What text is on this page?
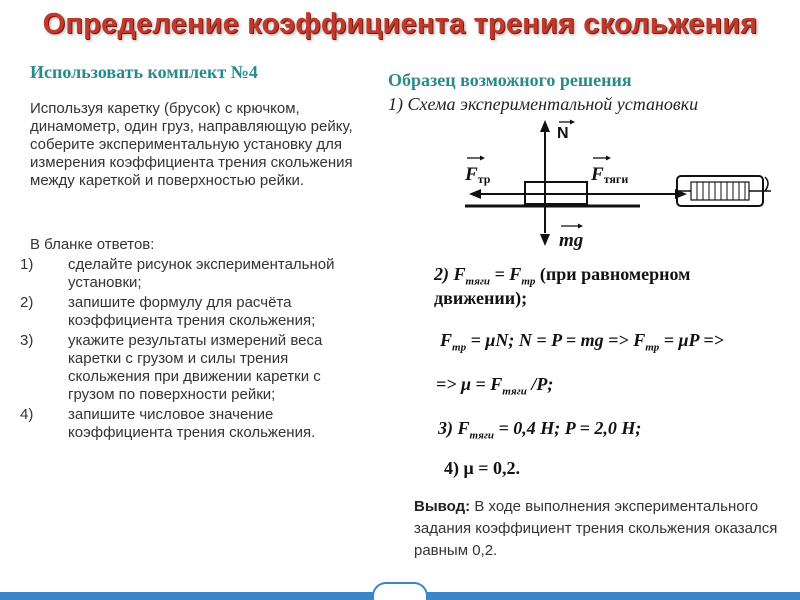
Определение коэффициента трения скольжения
Использовать комплект №4
Используя каретку (брусок) с крючком, динамометр, один груз, направляющую рейку, соберите экспериментальную установку для измерения коэффициента трения скольжения между кареткой и поверхностью рейки.
В бланке ответов:
1) сделайте рисунок экспериментальной установки;
2) запишите формулу для расчёта коэффициента трения скольжения;
3) укажите результаты измерений веса каретки с грузом и силы трения скольжения при движении каретки с грузом по поверхности рейки;
4) запишите числовое значение коэффициента трения скольжения.
Образец возможного решения
1) Схема экспериментальной установки
N
Fтр	Fтяги
mg
2) $F_{тяги} = F_{тр}$ (при равномерном
движении);
$F_{тр} = \mu N$; N = P = mg => $F_{тр} = \mu P$ =>
=> $\mu = F_{тяги}$ /P;
3) $F_{тяги} = 0,4$ Н; P = 2,0 Н;
4) μ = 0,2.
Вывод: В ходе выполнения экспериментального задания коэффициент трения скольжения оказался равным 0,2.
